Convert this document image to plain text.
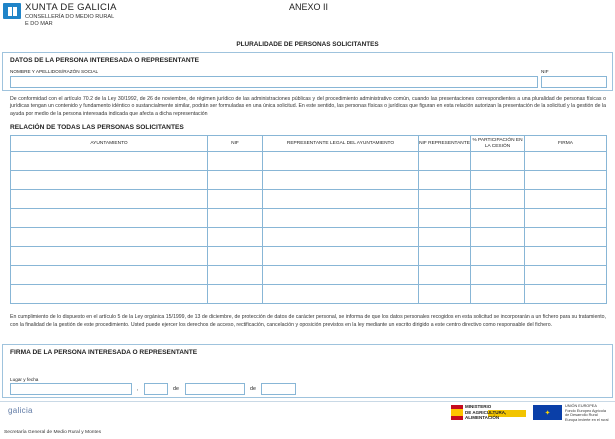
XUNTA DE GALICIA
CONSELLERÍA DO MEDIO RURAL
E DO MAR
ANEXO II
PLURALIDADE DE PERSONAS SOLICITANTES
DATOS DE LA PERSONA INTERESADA O REPRESENTANTE
NOMBRE Y APELLIDOS/RAZÓN SOCIAL	NIF
De conformidad con el artículo 70.2 de la Ley 30/1992, de 26 de noviembre, de régimen jurídico de las administraciones públicas y del procedimiento administrativo común, cuando las presentaciones correspondientes a una pluralidad de personas físicas o jurídicas tengan un contenido y fundamento idéntico o sustancialmente similar, podrán ser formuladas en una única solicitud. En este sentido, las personas físicas o jurídicas que figuran en esta relación autorizan la presentación de la solicitud y la gestión de la ayuda por medio de la persona interesada indicada que afecta a dicha representación
RELACIÓN DE TODAS LAS PERSONAS SOLICITANTES
AYUNTAMIENTO	NIF	REPRESENTANTE LEGAL DEL AYUNTAMIENTO	NIF REPRESENTANTE	% PARTICIPACIÓN EN LA CESIÓN	FIRMA

En cumplimiento de lo dispuesto en el artículo 5 de la Ley orgánica 15/1999, de 13 de diciembre, de protección de datos de carácter personal, se informa de que los datos personales recogidos en esta solicitud se incorporarán a un fichero para su tratamiento, con la finalidad de la gestión de este procedimiento. Usted puede ejercer los derechos de acceso, rectificación, cancelación y oposición previstos en la ley mediante un escrito dirigido a este centro directivo como responsable del fichero.
FIRMA DE LA PERSONA INTERESADA O REPRESENTANTE
Lugar y fecha
,	de	de
galicia	MINISTERIO
DE AGRICULTURA,
ALIMENTACIÓN
✦
UNIÓN EUROPEA
Fondo Europeo Agrícola
de Desarrollo Rural
Europa invierte en el rural
Secretaría General de Medio Rural y Montes
